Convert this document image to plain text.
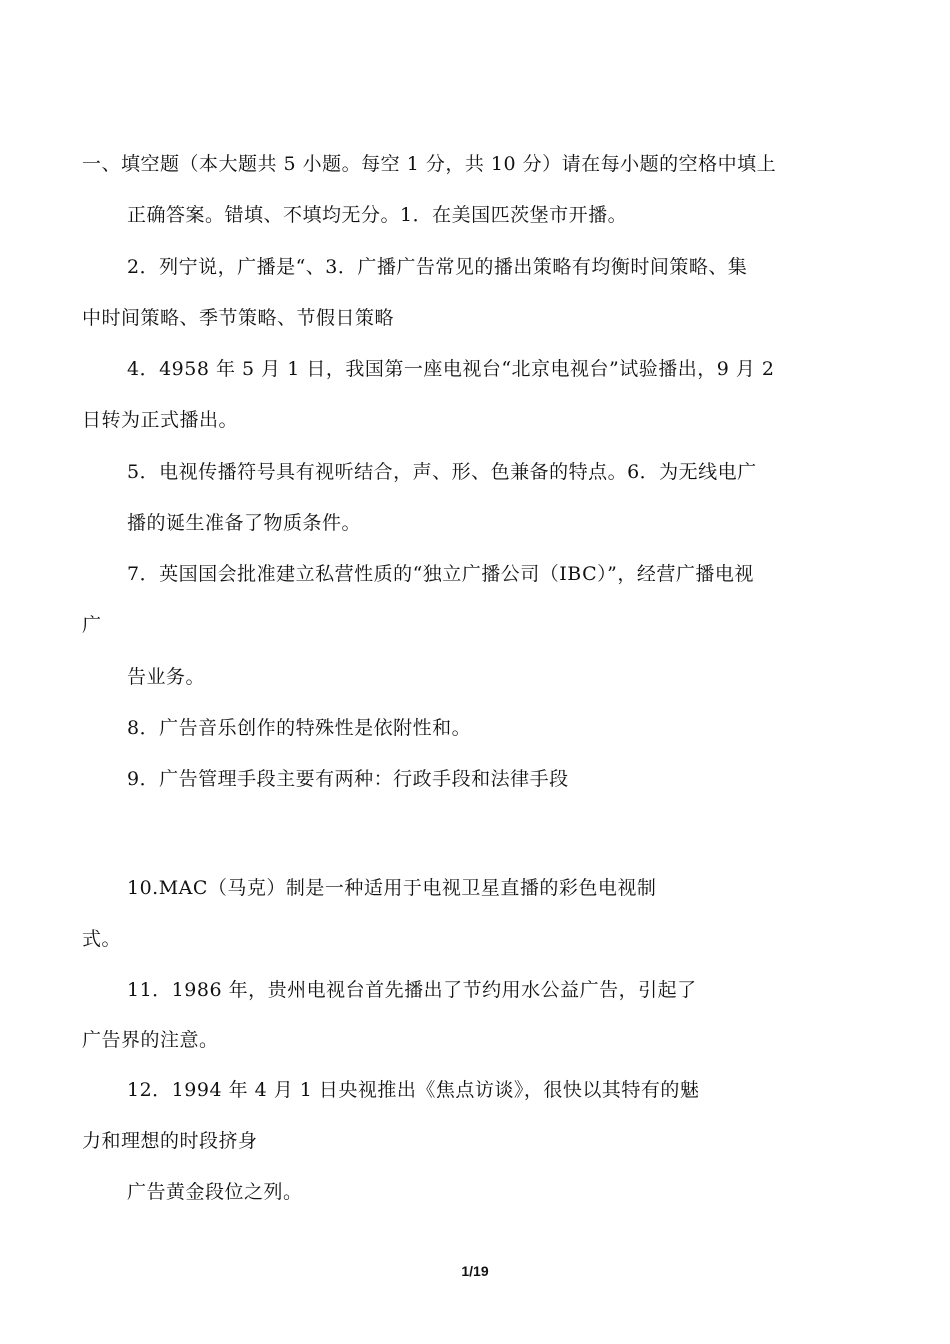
一、填空题（本大题共 5 小题。每空 1 分，共 10 分）请在每小题的空格中填上
正确答案。错填、不填均无分。1．在美国匹茨堡市开播。
2．列宁说，广播是“、3．广播广告常见的播出策略有均衡时间策略、集
中时间策略、季节策略、节假日策略
4．4958 年 5 月 1 日，我国第一座电视台“北京电视台”试验播出，9 月 2
日转为正式播出。
5．电视传播符号具有视听结合，声、形、色兼备的特点。6．为无线电广
播的诞生准备了物质条件。
7．英国国会批准建立私营性质的“独立广播公司（IBC）”，经营广播电视
广
告业务。
8．广告音乐创作的特殊性是依附性和。
9．广告管理手段主要有两种：行政手段和法律手段
10.MAC（马克）制是一种适用于电视卫星直播的彩色电视制
式。
11．1986 年，贵州电视台首先播出了节约用水公益广告，引起了
广告界的注意。
12．1994 年 4 月 1 日央视推出《焦点访谈》，很快以其特有的魅
力和理想的时段挤身
广告黄金段位之列。
1/19
